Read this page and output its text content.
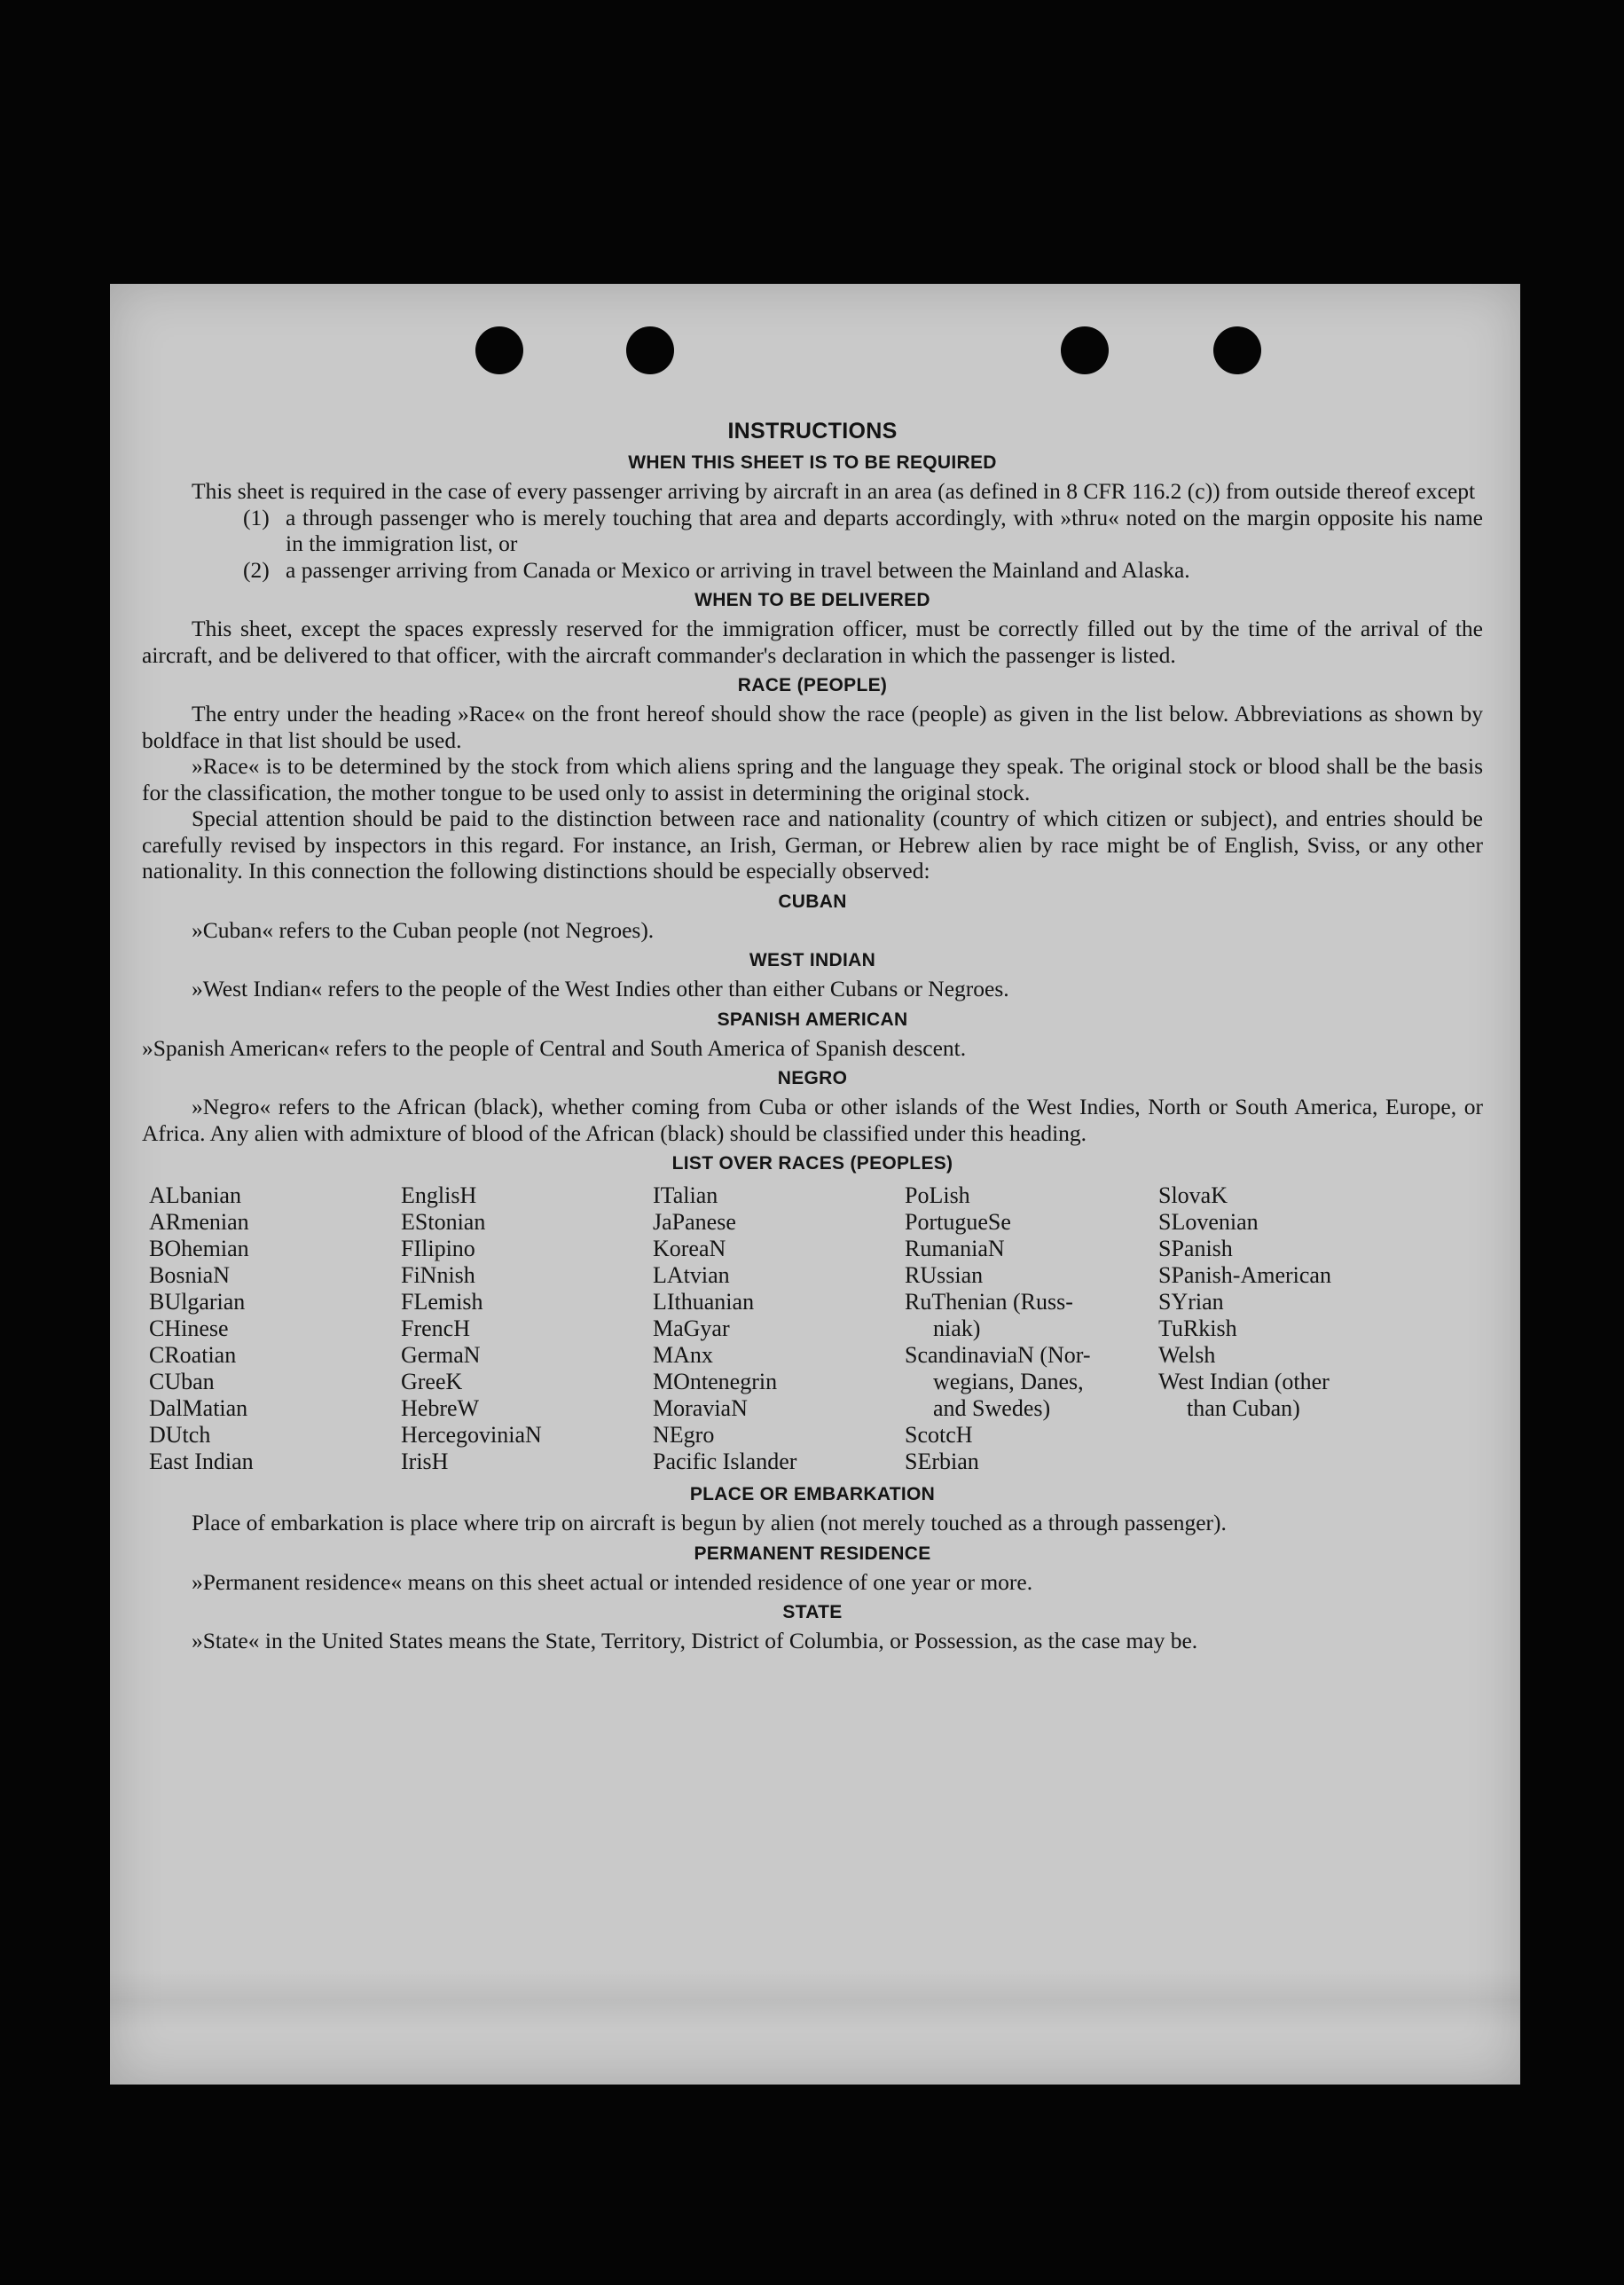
INSTRUCTIONS
WHEN THIS SHEET IS TO BE REQUIRED

This sheet is required in the case of every passenger arriving by aircraft in an area (as defined in 8 CFR 116.2 (c)) from outside thereof except

(1) a through passenger who is merely touching that area and departs accordingly, with »thru« noted on the margin opposite his name in the immigration list, or
(2) a passenger arriving from Canada or Mexico or arriving in travel between the Mainland and Alaska.
WHEN TO BE DELIVERED

This sheet, except the spaces expressly reserved for the immigration officer, must be correctly filled out by the time of the arrival of the aircraft, and be delivered to that officer, with the aircraft commander's declaration in which the passenger is listed.

RACE (PEOPLE)

The entry under the heading »Race« on the front hereof should show the race (people) as given in the list below. Abbreviations as shown by boldface in that list should be used.

»Race« is to be determined by the stock from which aliens spring and the language they speak. The original stock or blood shall be the basis for the classification, the mother tongue to be used only to assist in determining the original stock.

Special attention should be paid to the distinction between race and nationality (country of which citizen or subject), and entries should be carefully revised by inspectors in this regard. For instance, an Irish, German, or Hebrew alien by race might be of English, Sviss, or any other nationality. In this connection the following distinctions should be especially observed:

CUBAN

»Cuban« refers to the Cuban people (not Negroes).

WEST INDIAN

»West Indian« refers to the people of the West Indies other than either Cubans or Negroes.

SPANISH AMERICAN

»Spanish American« refers to the people of Central and South America of Spanish descent.

NEGRO

»Negro« refers to the African (black), whether coming from Cuba or other islands of the West Indies, North or South America, Europe, or Africa. Any alien with admixture of blood of the African (black) should be classified under this heading.

LIST OVER RACES (PEOPLES)
ALbanian
ARmenian
BOhemian
BosniaN
BUlgarian
CHinese
CRoatian
CUban
DalMatian
DUtch
East Indian
EnglisH
EStonian
FIlipino
FiNnish
FLemish
FrencH
GermaN
GreeK
HebreW
HercegoviniaN
IrisH
ITalian
JaPanese
KoreaN
LAtvian
LIthuanian
MaGyar
MAnx
MOntenegrin
MoraviaN
NEgro
Pacific Islander
PoLish
PortugueSe
RumaniaN
RUssian
RuThenian (Russ-
niak)
ScandinaviaN (Nor-
wegians, Danes,
and Swedes)
ScotcH
SErbian
SlovaK
SLovenian
SPanish
SPanish-American
SYrian
TuRkish
Welsh
West Indian (other
than Cuban)
PLACE OR EMBARKATION

Place of embarkation is place where trip on aircraft is begun by alien (not merely touched as a through passenger).

PERMANENT RESIDENCE

»Permanent residence« means on this sheet actual or intended residence of one year or more.

STATE

»State« in the United States means the State, Territory, District of Columbia, or Possession, as the case may be.
